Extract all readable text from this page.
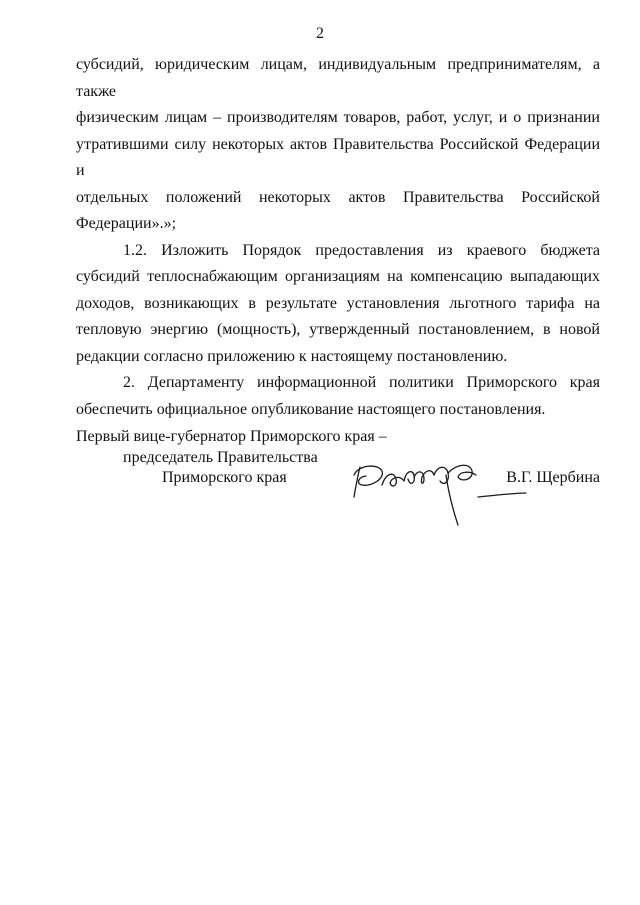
2

субсидий, юридическим лицам, индивидуальным предпринимателям, а также
физическим лицам – производителям товаров, работ, услуг, и о признании
утратившими силу некоторых актов Правительства Российской Федерации и
отдельных положений некоторых актов Правительства Российской
Федерации».»;

1.2. Изложить Порядок предоставления из краевого бюджета субсидий теплоснабжающим организациям на компенсацию выпадающих доходов, возникающих в результате установления льготного тарифа на тепловую энергию (мощность), утвержденный постановлением, в новой редакции согласно приложению к настоящему постановлению.

2. Департаменту информационной политики Приморского края обеспечить официальное опубликование настоящего постановления.

Первый вице-губернатор Приморского края –
председатель Правительства
Приморского края	В.Г. Щербина
